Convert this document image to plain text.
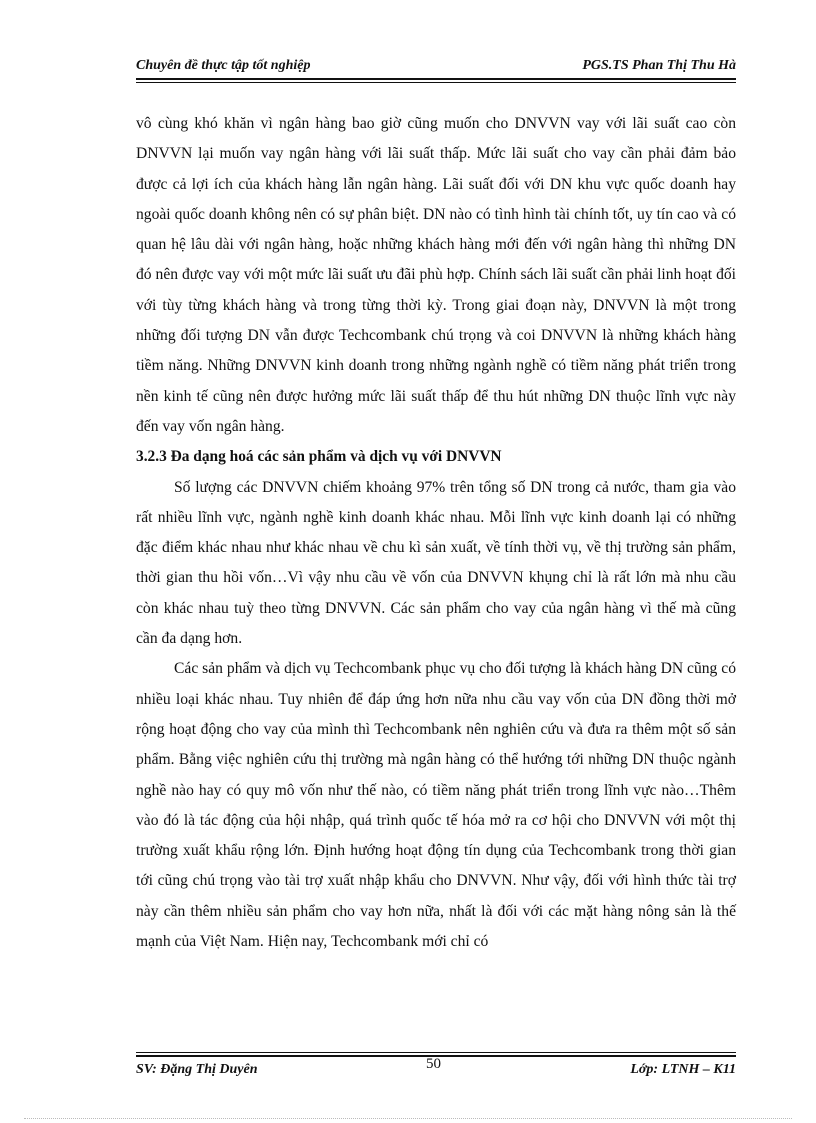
Chuyên đề thực tập tốt nghiệp	PGS.TS Phan Thị Thu Hà

vô cùng khó khăn vì ngân hàng bao giờ cũng muốn cho DNVVN vay với lãi suất cao còn DNVVN lại muốn vay ngân hàng với lãi suất thấp. Mức lãi suất cho vay cần phải đảm bảo được cả lợi ích của khách hàng lẫn ngân hàng. Lãi suất đối với DN khu vực quốc doanh hay ngoài quốc doanh không nên có sự phân biệt. DN nào có tình hình tài chính tốt, uy tín cao và có quan hệ lâu dài với ngân hàng, hoặc những khách hàng mới đến với ngân hàng thì những DN đó nên được vay với một mức lãi suất ưu đãi phù hợp. Chính sách lãi suất cần phải linh hoạt đối với tùy từng khách hàng và trong từng thời kỳ. Trong giai đoạn này, DNVVN là một trong những đối tượng DN vẫn được Techcombank chú trọng và coi DNVVN là những khách hàng tiềm năng. Những DNVVN kinh doanh trong những ngành nghề có tiềm năng phát triển trong nền kinh tế cũng nên được hưởng mức lãi suất thấp để thu hút những DN thuộc lĩnh vực này đến vay vốn ngân hàng.

3.2.3 Đa dạng hoá các sản phẩm và dịch vụ với DNVVN

Số lượng các DNVVN chiếm khoảng 97% trên tổng số DN trong cả nước, tham gia vào rất nhiều lĩnh vực, ngành nghề kinh doanh khác nhau. Mỗi lĩnh vực kinh doanh lại có những đặc điểm khác nhau như khác nhau về chu kì sản xuất, về tính thời vụ, về thị trường sản phẩm, thời gian thu hồi vốn…Vì vậy nhu cầu về vốn của DNVVN khụng chỉ là rất lớn mà nhu cầu còn khác nhau tuỳ theo từng DNVVN. Các sản phẩm cho vay của ngân hàng vì thế mà cũng cần đa dạng hơn.

Các sản phẩm và dịch vụ Techcombank phục vụ cho đối tượng là khách hàng DN cũng có nhiều loại khác nhau. Tuy nhiên để đáp ứng hơn nữa nhu cầu vay vốn của DN đồng thời mở rộng hoạt động cho vay của mình thì Techcombank nên nghiên cứu và đưa ra thêm một số sản phẩm. Bằng việc nghiên cứu thị trường mà ngân hàng có thể hướng tới những DN thuộc ngành nghề nào hay có quy mô vốn như thế nào, có tiềm năng phát triển trong lĩnh vực nào…Thêm vào đó là tác động của hội nhập, quá trình quốc tế hóa mở ra cơ hội cho DNVVN với một thị trường xuất khẩu rộng lớn. Định hướng hoạt động tín dụng của Techcombank trong thời gian tới cũng chú trọng vào tài trợ xuất nhập khẩu cho DNVVN. Như vậy, đối với hình thức tài trợ này cần thêm nhiều sản phẩm cho vay hơn nữa, nhất là đối với các mặt hàng nông sản là thế mạnh của Việt Nam. Hiện nay, Techcombank mới chỉ có

SV: Đặng Thị Duyên	50	Lớp: LTNH – K11
